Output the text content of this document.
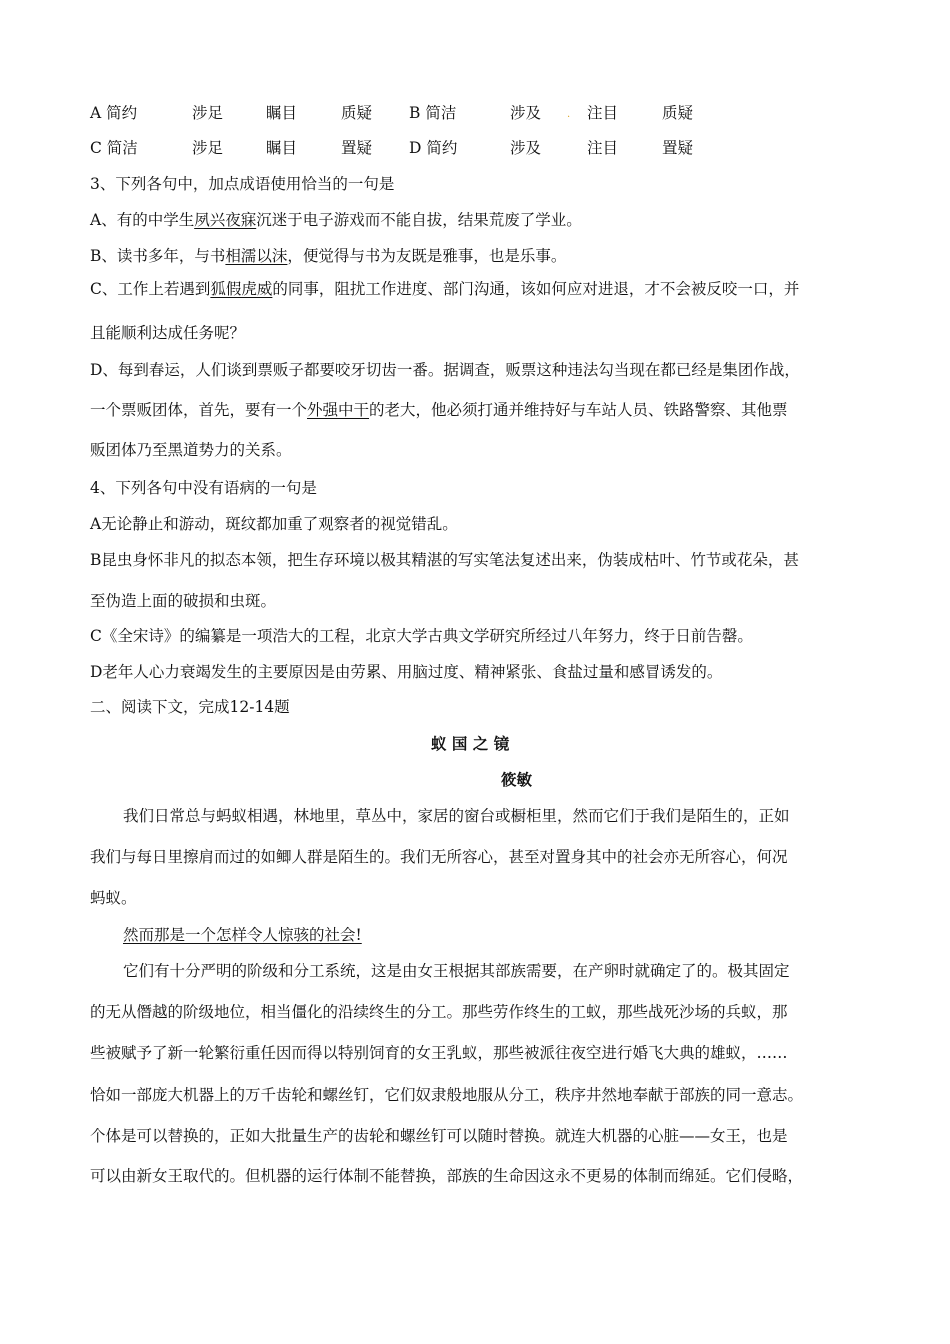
A 简约	涉足	瞩目	质疑 B 简洁	涉及	. 注目	质疑
C 简洁	涉足	瞩目	置疑 D 简约	涉及	注目	置疑
3、下列各句中，加点成语使用恰当的一句是
A、有的中学生夙兴夜寐沉迷于电子游戏而不能自拔，结果荒废了学业。
B、读书多年，与书相濡以沫，便觉得与书为友既是雅事，也是乐事。
C、工作上若遇到狐假虎威的同事，阻扰工作进度、部门沟通，该如何应对进退，才不会被反咬一口，并
且能顺利达成任务呢？
D、每到春运，人们谈到票贩子都要咬牙切齿一番。据调查，贩票这种违法勾当现在都已经是集团作战，
一个票贩团体，首先，要有一个外强中干的老大，他必须打通并维持好与车站人员、铁路警察、其他票
贩团体乃至黑道势力的关系。
4、下列各句中没有语病的一句是
A无论静止和游动，斑纹都加重了观察者的视觉错乱。
B昆虫身怀非凡的拟态本领，把生存环境以极其精湛的写实笔法复述出来，伪装成枯叶、竹节或花朵，甚
至伪造上面的破损和虫斑。
C《全宋诗》的编纂是一项浩大的工程，北京大学古典文学研究所经过八年努力，终于日前告罄。
D老年人心力衰竭发生的主要原因是由劳累、用脑过度、精神紧张、食盐过量和感冒诱发的。
二、阅读下文，完成12-14题
蚁 国 之 镜
筱敏
我们日常总与蚂蚁相遇，林地里，草丛中，家居的窗台或橱柜里，然而它们于我们是陌生的，正如
我们与每日里擦肩而过的如鲫人群是陌生的。我们无所容心，甚至对置身其中的社会亦无所容心，何况
蚂蚁。
然而那是一个怎样令人惊骇的社会!
它们有十分严明的阶级和分工系统，这是由女王根据其部族需要，在产卵时就确定了的。极其固定
的无从僭越的阶级地位，相当僵化的沿续终生的分工。那些劳作终生的工蚁，那些战死沙场的兵蚁，那
些被赋予了新一轮繁衍重任因而得以特别饲育的女王乳蚁，那些被派往夜空进行婚飞大典的雄蚁，……
恰如一部庞大机器上的万千齿轮和螺丝钉，它们奴隶般地服从分工，秩序井然地奉献于部族的同一意志。
个体是可以替换的，正如大批量生产的齿轮和螺丝钉可以随时替换。就连大机器的心脏——女王，也是
可以由新女王取代的。但机器的运行体制不能替换，部族的生命因这永不更易的体制而绵延。它们侵略，
